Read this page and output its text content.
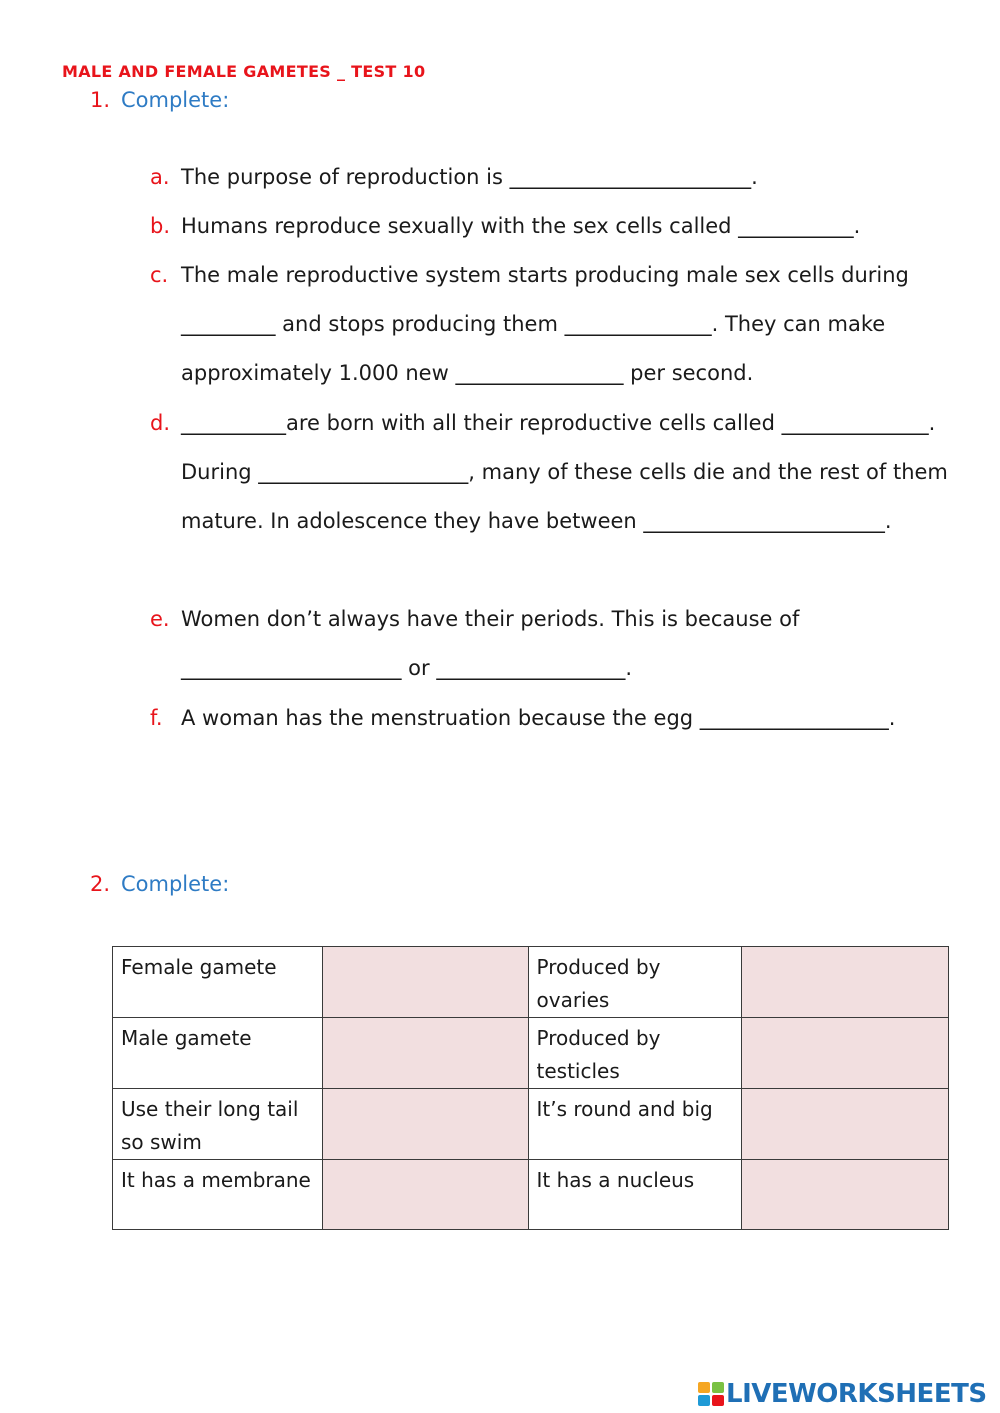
MALE AND FEMALE GAMETES _ TEST 10
1. Complete:
a. The purpose of reproduction is _______________________.
b. Humans reproduce sexually with the sex cells called ___________.
c. The male reproductive system starts producing male sex cells during _________ and stops producing them ______________. They can make approximately 1.000 new ________________ per second.
d. __________are born with all their reproductive cells called ______________. During ____________________, many of these cells die and the rest of them mature. In adolescence they have between _______________________.
e. Women don’t always have their periods. This is because of _____________________ or __________________.
f. A woman has the menstruation because the egg __________________.
2. Complete:
Female gamete		Produced by ovaries	
Male gamete		Produced by testicles	
Use their long tail so swim		It’s round and big	
It has a membrane		It has a nucleus	
LIVEWORKSHEETS
